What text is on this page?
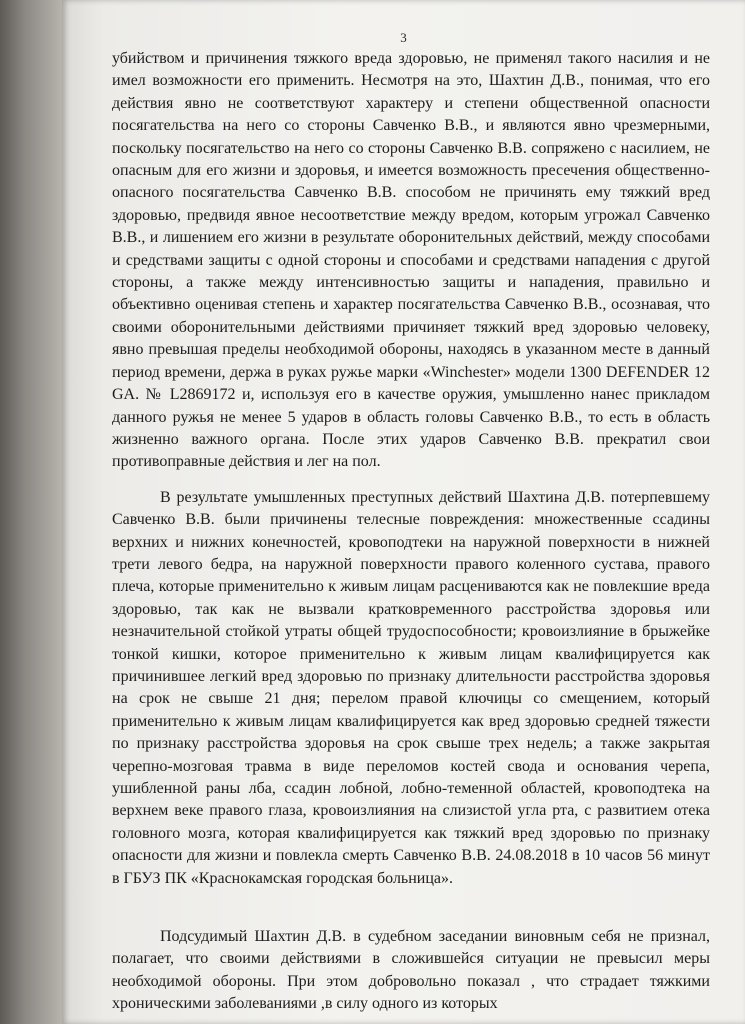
3

убийством и причинения тяжкого вреда здоровью, не применял такого насилия и не имел возможности его применить. Несмотря на это, Шахтин Д.В., понимая, что его действия явно не соответствуют характеру и степени общественной опасности посягательства на него со стороны Савченко В.В., и являются явно чрезмерными, поскольку посягательство на него со стороны Савченко В.В. сопряжено с насилием, не опасным для его жизни и здоровья, и имеется возможность пресечения общественно-опасного посягательства Савченко В.В. способом не причинять ему тяжкий вред здоровью, предвидя явное несоответствие между вредом, которым угрожал Савченко В.В., и лишением его жизни в результате оборонительных действий, между способами и средствами защиты с одной стороны и способами и средствами нападения с другой стороны, а также между интенсивностью защиты и нападения, правильно и объективно оценивая степень и характер посягательства Савченко В.В., осознавая, что своими оборонительными действиями причиняет тяжкий вред здоровью человеку, явно превышая пределы необходимой обороны, находясь в указанном месте в данный период времени, держа в руках ружье марки «Winchester» модели 1300 DEFENDER 12 GA. № L2869172 и, используя его в качестве оружия, умышленно нанес прикладом данного ружья не менее 5 ударов в область головы Савченко В.В., то есть в область жизненно важного органа. После этих ударов Савченко В.В. прекратил свои противоправные действия и лег на пол.

В результате умышленных преступных действий Шахтина Д.В. потерпевшему Савченко В.В. были причинены телесные повреждения: множественные ссадины верхних и нижних конечностей, кровоподтеки на наружной поверхности в нижней трети левого бедра, на наружной поверхности правого коленного сустава, правого плеча, которые применительно к живым лицам расцениваются как не повлекшие вреда здоровью, так как не вызвали кратковременного расстройства здоровья или незначительной стойкой утраты общей трудоспособности; кровоизлияние в брыжейке тонкой кишки, которое применительно к живым лицам квалифицируется как причинившее легкий вред здоровью по признаку длительности расстройства здоровья на срок не свыше 21 дня; перелом правой ключицы со смещением, который применительно к живым лицам квалифицируется как вред здоровью средней тяжести по признаку расстройства здоровья на срок свыше трех недель; а также закрытая черепно-мозговая травма в виде переломов костей свода и основания черепа, ушибленной раны лба, ссадин лобной, лобно-теменной областей, кровоподтека на верхнем веке правого глаза, кровоизлияния на слизистой угла рта, с развитием отека головного мозга, которая квалифицируется как тяжкий вред здоровью по признаку опасности для жизни и повлекла смерть Савченко В.В. 24.08.2018 в 10 часов 56 минут в ГБУЗ ПК «Краснокамская городская больница».

Подсудимый Шахтин Д.В. в судебном заседании виновным себя не признал, полагает, что своими действиями в сложившейся ситуации не превысил меры необходимой обороны. При этом добровольно показал , что страдает тяжкими хроническими заболеваниями ,в силу одного из которых
